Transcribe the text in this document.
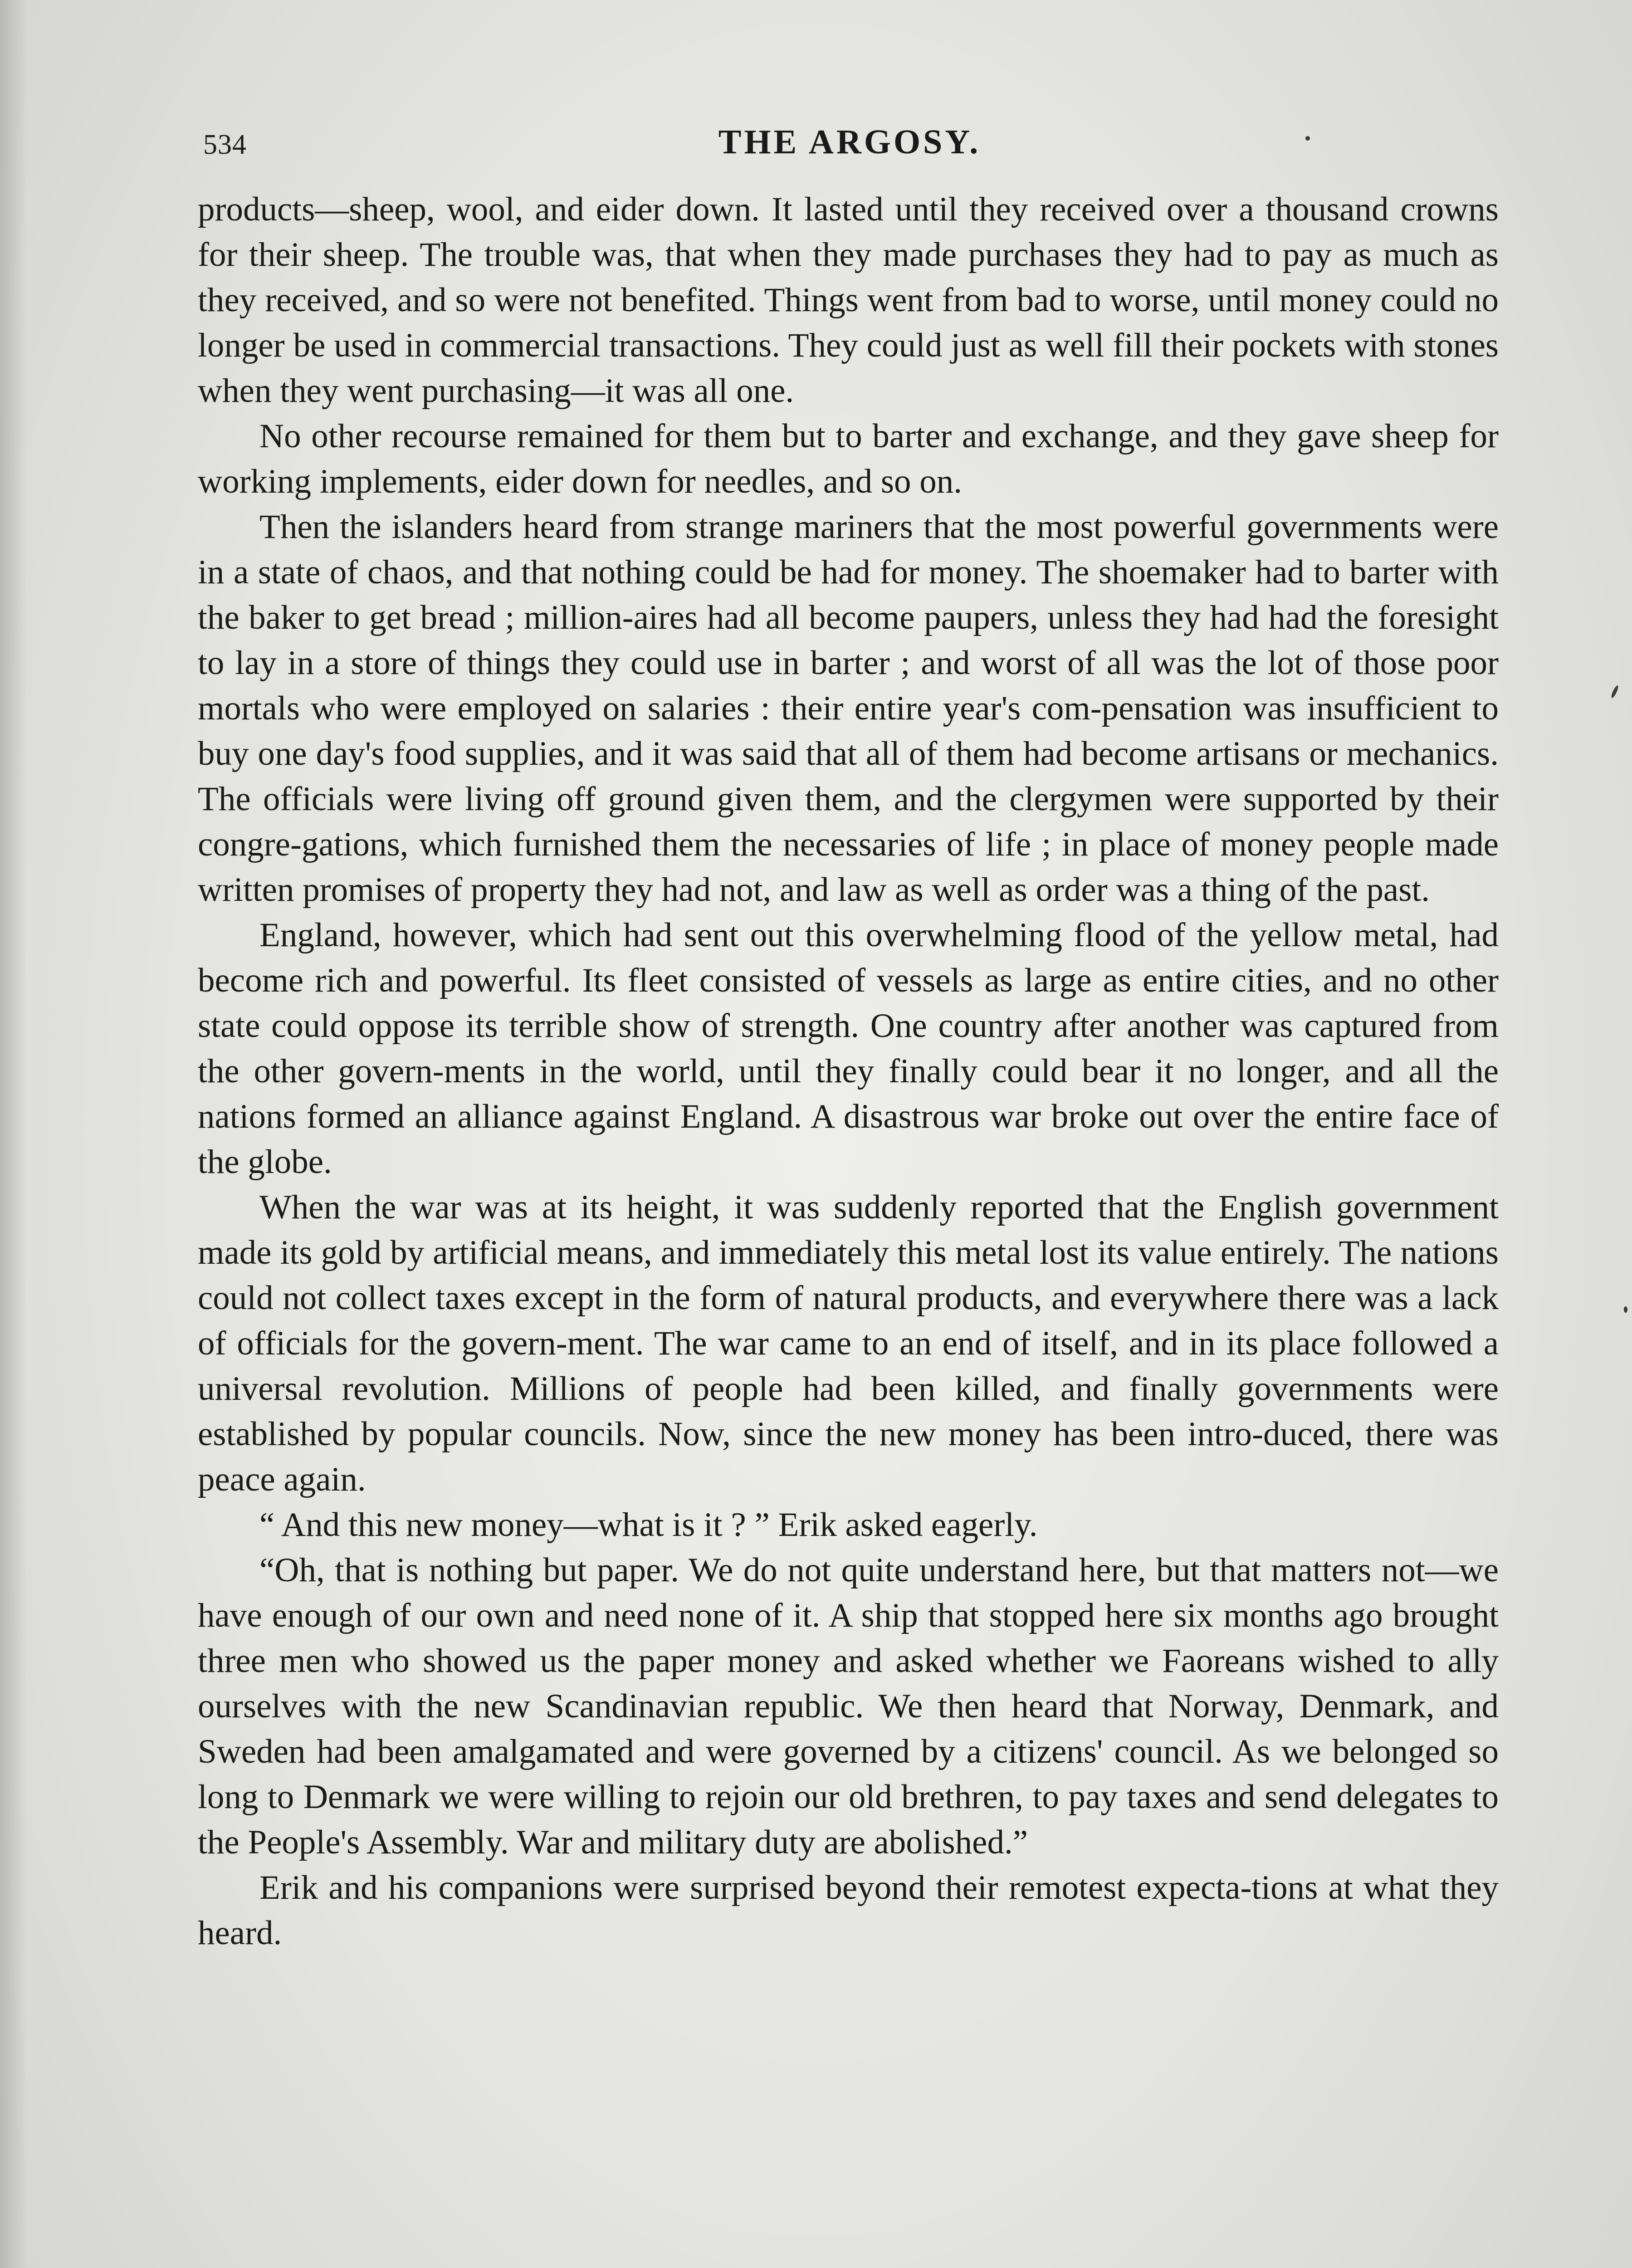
534	THE ARGOSY.

products—sheep, wool, and eider down. It lasted until they received over a thousand crowns for their sheep. The trouble was, that when they made purchases they had to pay as much as they received, and so were not benefited. Things went from bad to worse, until money could no longer be used in commercial transactions. They could just as well fill their pockets with stones when they went purchasing—it was all one.

No other recourse remained for them but to barter and exchange, and they gave sheep for working implements, eider down for needles, and so on.

Then the islanders heard from strange mariners that the most powerful governments were in a state of chaos, and that nothing could be had for money. The shoemaker had to barter with the baker to get bread ; million-aires had all become paupers, unless they had had the foresight to lay in a store of things they could use in barter ; and worst of all was the lot of those poor mortals who were employed on salaries : their entire year's com-pensation was insufficient to buy one day's food supplies, and it was said that all of them had become artisans or mechanics. The officials were living off ground given them, and the clergymen were supported by their congre-gations, which furnished them the necessaries of life ; in place of money people made written promises of property they had not, and law as well as order was a thing of the past.

England, however, which had sent out this overwhelming flood of the yellow metal, had become rich and powerful. Its fleet consisted of vessels as large as entire cities, and no other state could oppose its terrible show of strength. One country after another was captured from the other govern-ments in the world, until they finally could bear it no longer, and all the nations formed an alliance against England. A disastrous war broke out over the entire face of the globe.

When the war was at its height, it was suddenly reported that the English government made its gold by artificial means, and immediately this metal lost its value entirely. The nations could not collect taxes except in the form of natural products, and everywhere there was a lack of officials for the govern-ment. The war came to an end of itself, and in its place followed a universal revolution. Millions of people had been killed, and finally governments were established by popular councils. Now, since the new money has been intro-duced, there was peace again.

“ And this new money—what is it ? ” Erik asked eagerly.

“Oh, that is nothing but paper. We do not quite understand here, but that matters not—we have enough of our own and need none of it. A ship that stopped here six months ago brought three men who showed us the paper money and asked whether we Faoreans wished to ally ourselves with the new Scandinavian republic. We then heard that Norway, Denmark, and Sweden had been amalgamated and were governed by a citizens' council. As we belonged so long to Denmark we were willing to rejoin our old brethren, to pay taxes and send delegates to the People's Assembly. War and military duty are abolished.”

Erik and his companions were surprised beyond their remotest expecta-tions at what they heard.
